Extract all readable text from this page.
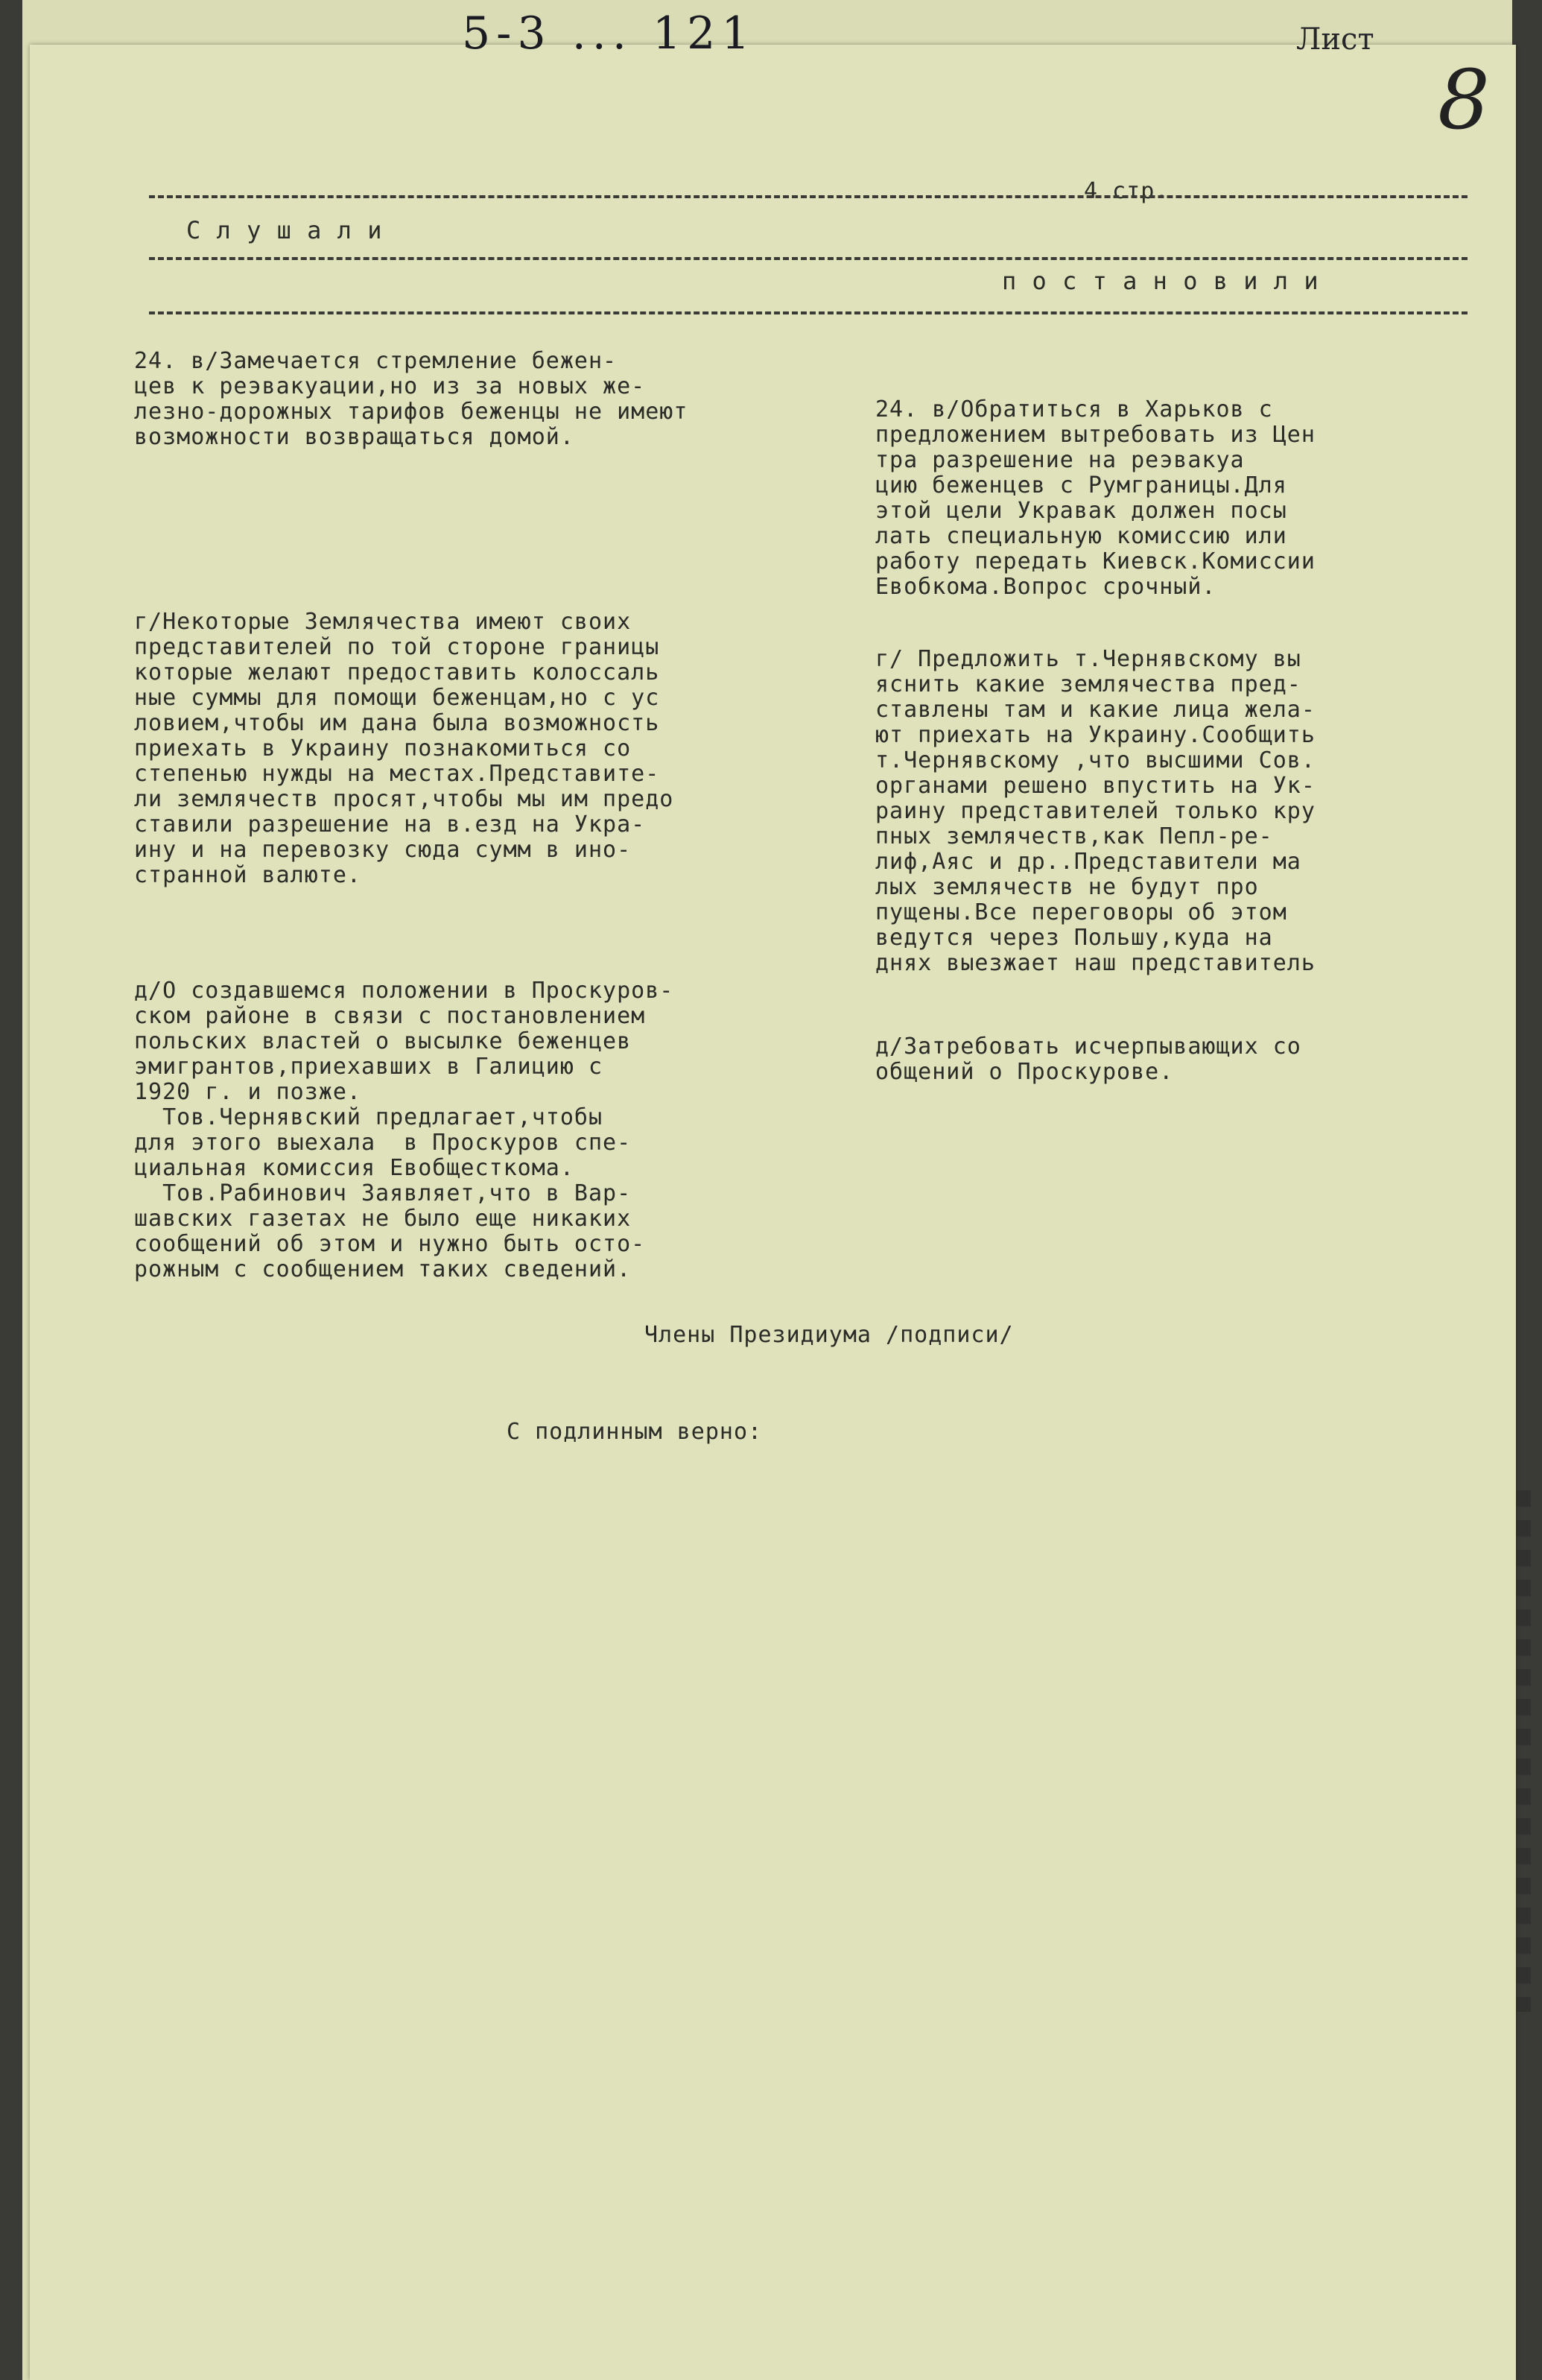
5-3 ... 121	Лист
8
4 стр.
С л у ш а л и
п о с т а н о в и л и

24. в/Замечается стремление бежен-
цев к реэвакуации,но из за новых же-
лезно-дорожных тарифов беженцы не имеют
возможности возвращаться домой.

г/Некоторые Землячества имеют своих
представителей по той стороне границы
которые желают предоставить колоссаль
ные суммы для помощи беженцам,но с ус
ловием,чтобы им дана была возможность
приехать в Украину познакомиться со
степенью нужды на местах.Представите-
ли землячеств просят,чтобы мы им предо
ставили разрешение на в.езд на Укра-
ину и на перевозку сюда сумм в ино-
странной валюте.

д/О создавшемся положении в Проскуров-
ском районе в связи с постановлением
польских властей о высылке беженцев
эмигрантов,приехавших в Галицию с
1920 г. и позже.
Тов.Чернявский предлагает,чтобы
для этого выехала  в Проскуров спе-
циальная комиссия Евобщесткома.
Тов.Рабинович Заявляет,что в Вар-
шавских газетах не было еще никаких
сообщений об этом и нужно быть осто-
рожным с сообщением таких сведений.

24. в/Обратиться в Харьков с
предложением вытребовать из Цен
тра разрешение на реэвакуа
цию беженцев с Румграницы.Для
этой цели Укравак должен посы
лать специальную комиссию или
работу передать Киевск.Комиссии
Евобкома.Вопрос срочный.

г/ Предложить т.Чернявскому вы
яснить какие землячества пред-
ставлены там и какие лица жела-
ют приехать на Украину.Сообщить
т.Чернявскому ,что высшими Сов.
органами решено впустить на Ук-
раину представителей только кру
пных землячеств,как Пепл-ре-
лиф,Аяс и др..Представители ма
лых землячеств не будут про
пущены.Все переговоры об этом
ведутся через Польшу,куда на
днях выезжает наш представитель

д/Затребовать исчерпывающих со
общений о Проскурове.

Члены Президиума /подписи/
С подлинным верно:
